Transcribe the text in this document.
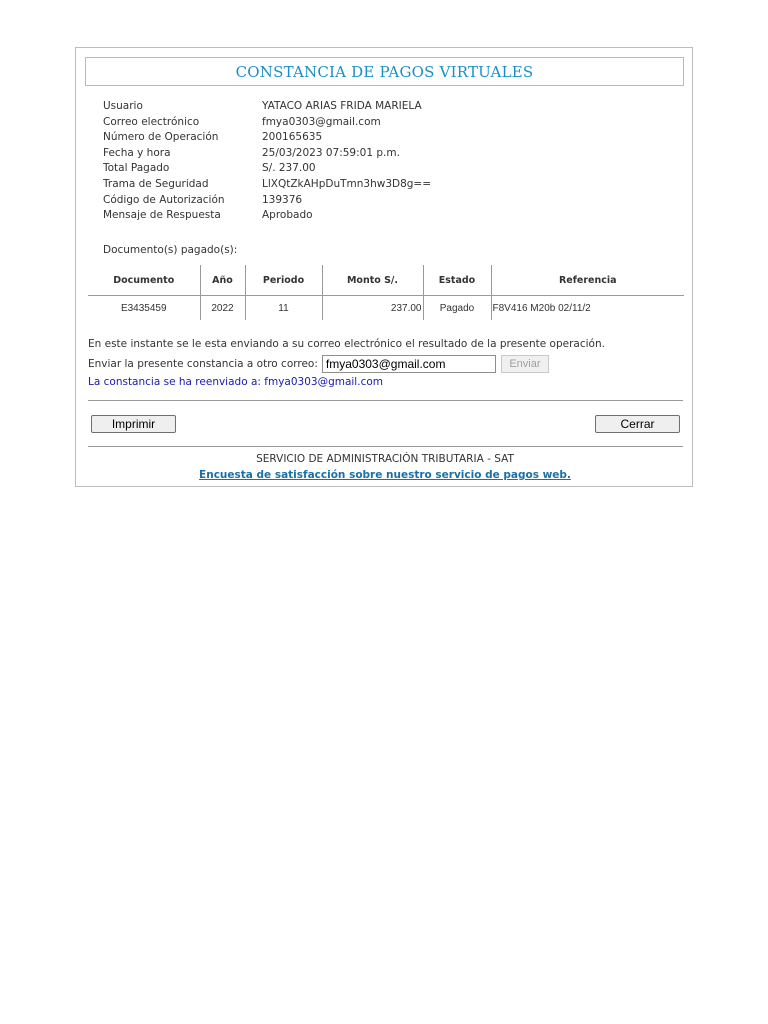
CONSTANCIA DE PAGOS VIRTUALES
Usuario	YATACO ARIAS FRIDA MARIELA
Correo electrónico	fmya0303@gmail.com
Número de Operación	200165635
Fecha y hora	25/03/2023 07:59:01 p.m.
Total Pagado	S/. 237.00
Trama de Seguridad	LlXQtZkAHpDuTmn3hw3D8g==
Código de Autorización	139376
Mensaje de Respuesta	Aprobado
Documento(s) pagado(s):
Documento	Año	Periodo	Monto S/.	Estado	Referencia
E3435459	2022	11	237.00	Pagado	F8V416 M20b 02/11/2
En este instante se le esta enviando a su correo electrónico el resultado de la presente operación.
Enviar la presente constancia a otro correo:
fmya0303@gmail.com	Enviar
La constancia se ha reenviado a: fmya0303@gmail.com
Imprimir	Cerrar
SERVICIO DE ADMINISTRACIÓN TRIBUTARIA - SAT
Encuesta de satisfacción sobre nuestro servicio de pagos web.
